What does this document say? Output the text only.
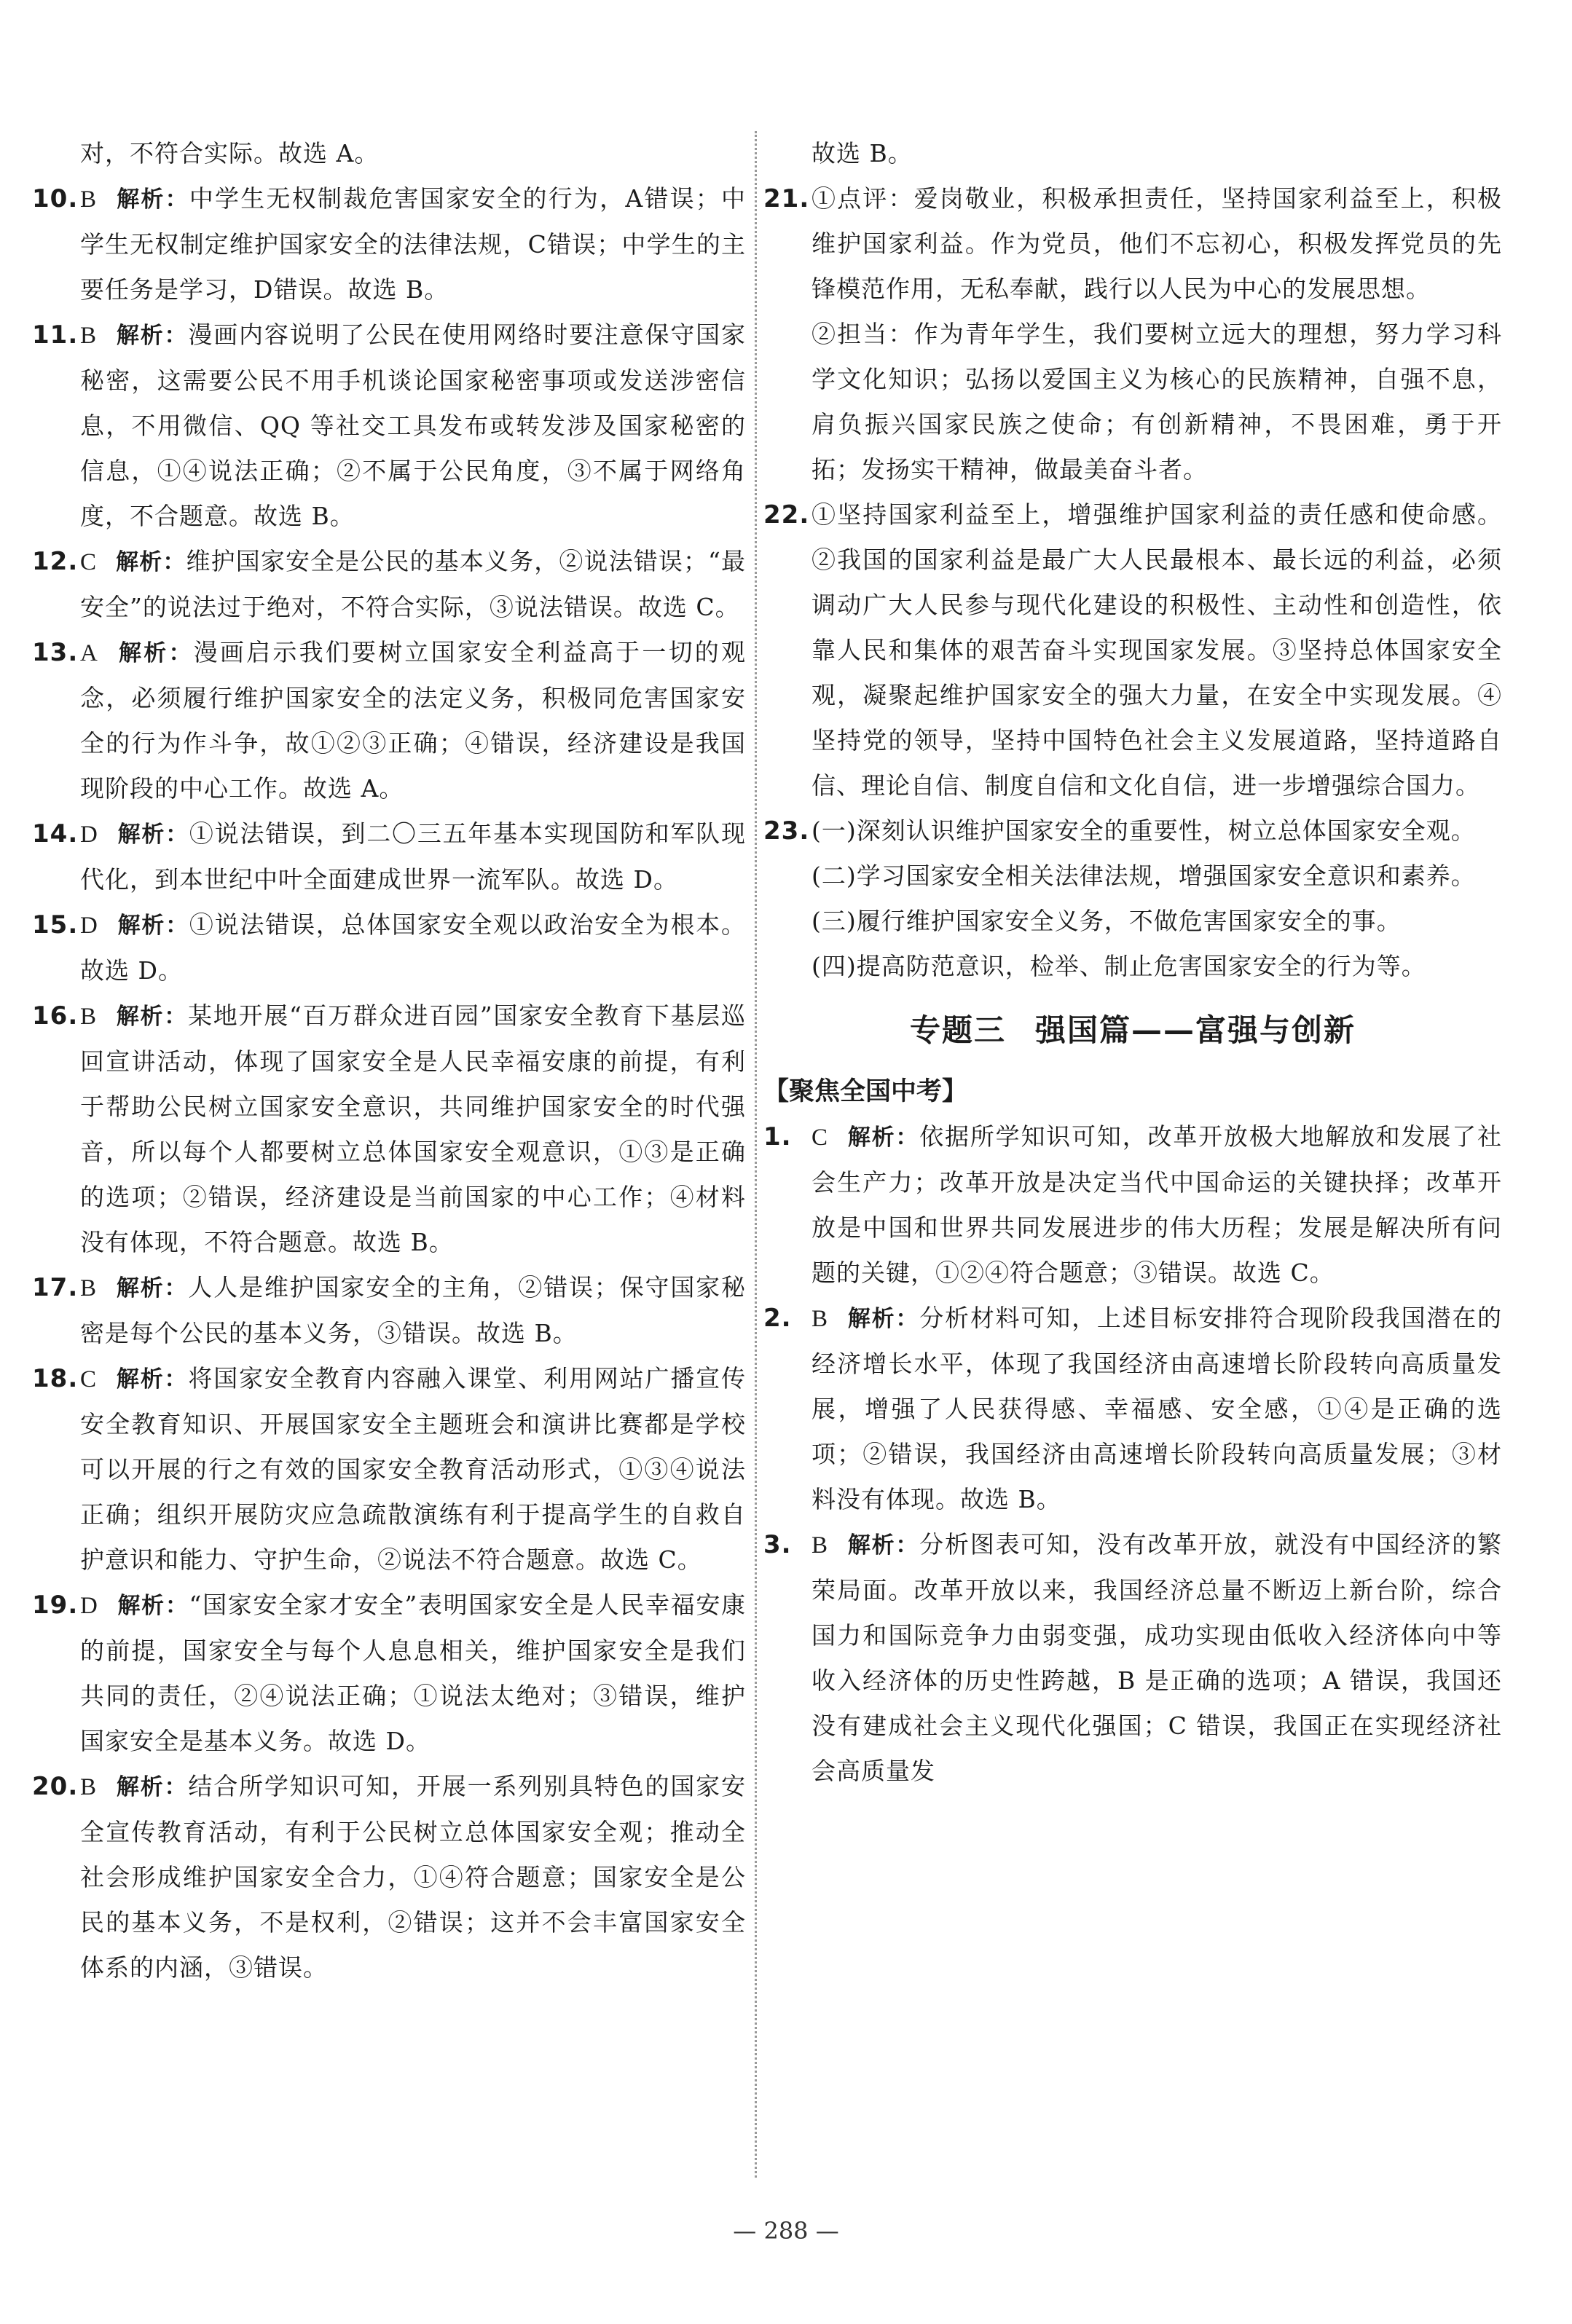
对，不符合实际。故选 A。

10. B 解析：中学生无权制裁危害国家安全的行为，A错误；中学生无权制定维护国家安全的法律法规，C错误；中学生的主要任务是学习，D错误。故选 B。
11. B 解析：漫画内容说明了公民在使用网络时要注意保守国家秘密，这需要公民不用手机谈论国家秘密事项或发送涉密信息，不用微信、QQ 等社交工具发布或转发涉及国家秘密的信息，①④说法正确；②不属于公民角度，③不属于网络角度，不合题意。故选 B。
12. C 解析：维护国家安全是公民的基本义务，②说法错误；“最安全”的说法过于绝对，不符合实际，③说法错误。故选 C。
13. A 解析：漫画启示我们要树立国家安全利益高于一切的观念，必须履行维护国家安全的法定义务，积极同危害国家安全的行为作斗争，故①②③正确；④错误，经济建设是我国现阶段的中心工作。故选 A。
14. D 解析：①说法错误，到二〇三五年基本实现国防和军队现代化，到本世纪中叶全面建成世界一流军队。故选 D。
15. D 解析：①说法错误，总体国家安全观以政治安全为根本。故选 D。
16. B 解析：某地开展“百万群众进百园”国家安全教育下基层巡回宣讲活动，体现了国家安全是人民幸福安康的前提，有利于帮助公民树立国家安全意识，共同维护国家安全的时代强音，所以每个人都要树立总体国家安全观意识，①③是正确的选项；②错误，经济建设是当前国家的中心工作；④材料没有体现，不符合题意。故选 B。
17. B 解析：人人是维护国家安全的主角，②错误；保守国家秘密是每个公民的基本义务，③错误。故选 B。
18. C 解析：将国家安全教育内容融入课堂、利用网站广播宣传安全教育知识、开展国家安全主题班会和演讲比赛都是学校可以开展的行之有效的国家安全教育活动形式，①③④说法正确；组织开展防灾应急疏散演练有利于提高学生的自救自护意识和能力、守护生命，②说法不符合题意。故选 C。
19. D 解析：“国家安全家才安全”表明国家安全是人民幸福安康的前提，国家安全与每个人息息相关，维护国家安全是我们共同的责任，②④说法正确；①说法太绝对；③错误，维护国家安全是基本义务。故选 D。
20. B 解析：结合所学知识可知，开展一系列别具特色的国家安全宣传教育活动，有利于公民树立总体国家安全观；推动全社会形成维护国家安全合力，①④符合题意；国家安全是公民的基本义务，不是权利，②错误；这并不会丰富国家安全体系的内涵，③错误。

故选 B。

21. ①点评：爱岗敬业，积极承担责任，坚持国家利益至上，积极维护国家利益。作为党员，他们不忘初心，积极发挥党员的先锋模范作用，无私奉献，践行以人民为中心的发展思想。
②担当：作为青年学生，我们要树立远大的理想，努力学习科学文化知识；弘扬以爱国主义为核心的民族精神，自强不息，肩负振兴国家民族之使命；有创新精神，不畏困难，勇于开拓；发扬实干精神，做最美奋斗者。
22. ①坚持国家利益至上，增强维护国家利益的责任感和使命感。②我国的国家利益是最广大人民最根本、最长远的利益，必须调动广大人民参与现代化建设的积极性、主动性和创造性，依靠人民和集体的艰苦奋斗实现国家发展。③坚持总体国家安全观，凝聚起维护国家安全的强大力量，在安全中实现发展。④坚持党的领导，坚持中国特色社会主义发展道路，坚持道路自信、理论自信、制度自信和文化自信，进一步增强综合国力。
23. (一)深刻认识维护国家安全的重要性，树立总体国家安全观。
(二)学习国家安全相关法律法规，增强国家安全意识和素养。
(三)履行维护国家安全义务，不做危害国家安全的事。
(四)提高防范意识，检举、制止危害国家安全的行为等。
专题三 强国篇——富强与创新

【聚焦全国中考】

1. C 解析：依据所学知识可知，改革开放极大地解放和发展了社会生产力；改革开放是决定当代中国命运的关键抉择；改革开放是中国和世界共同发展进步的伟大历程；发展是解决所有问题的关键，①②④符合题意；③错误。故选 C。
2. B 解析：分析材料可知，上述目标安排符合现阶段我国潜在的经济增长水平，体现了我国经济由高速增长阶段转向高质量发展，增强了人民获得感、幸福感、安全感，①④是正确的选项；②错误，我国经济由高速增长阶段转向高质量发展；③材料没有体现。故选 B。
3. B 解析：分析图表可知，没有改革开放，就没有中国经济的繁荣局面。改革开放以来，我国经济总量不断迈上新台阶，综合国力和国际竞争力由弱变强，成功实现由低收入经济体向中等收入经济体的历史性跨越，B 是正确的选项；A 错误，我国还没有建成社会主义现代化强国；C 错误，我国正在实现经济社会高质量发
— 288 —
